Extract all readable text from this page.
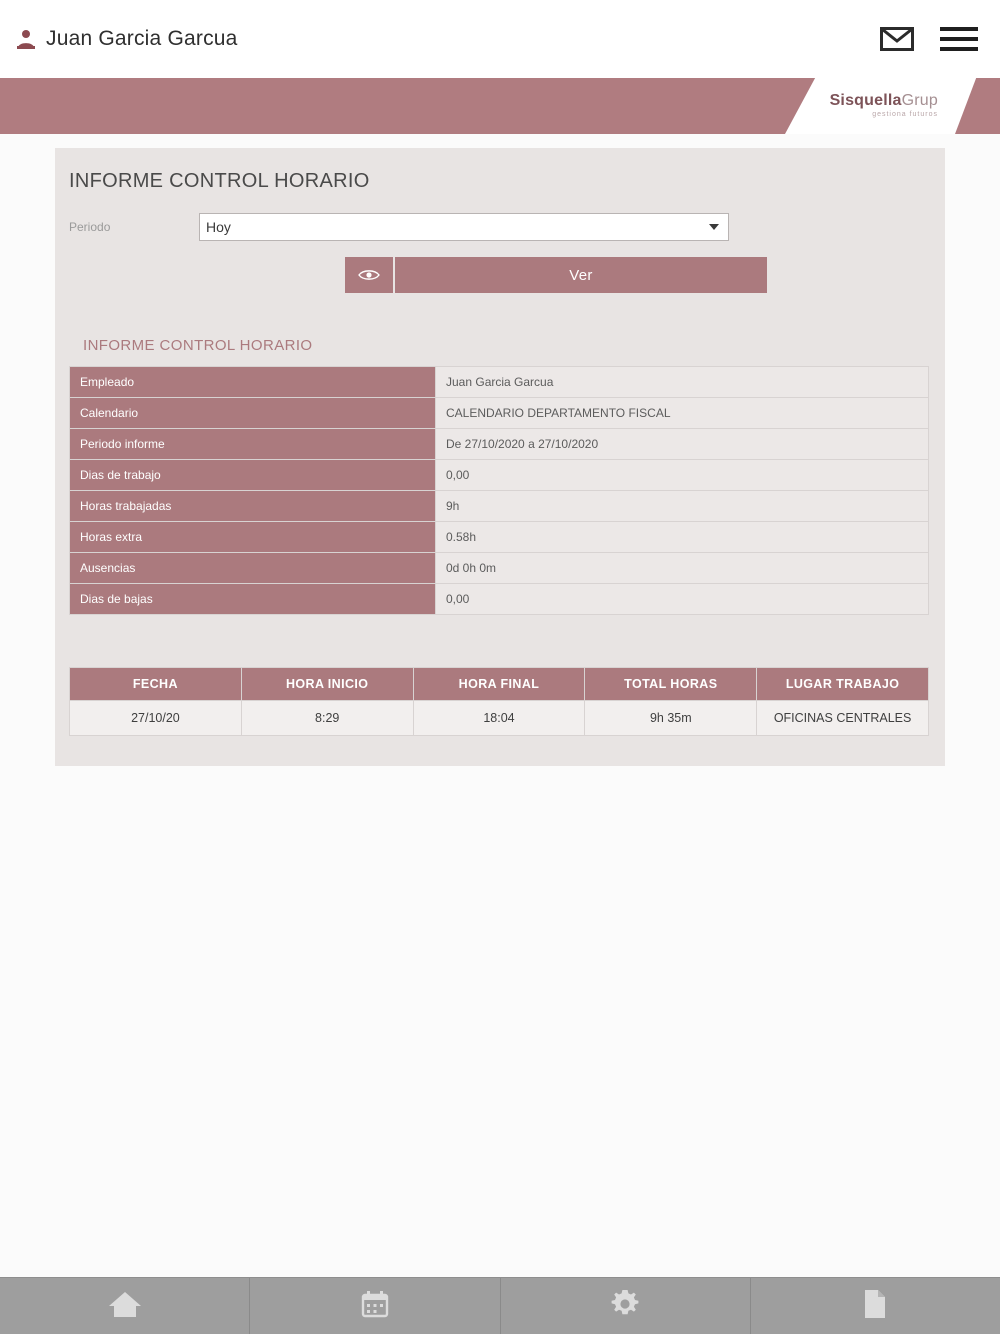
Juan Garcia Garcua
SisquellaGrup
gestiona futuros
INFORME CONTROL HORARIO
Periodo
Hoy
Ver
INFORME CONTROL HORARIO
Empleado	Juan Garcia Garcua
Calendario	CALENDARIO DEPARTAMENTO FISCAL
Periodo informe	De 27/10/2020 a 27/10/2020
Dias de trabajo	0,00
Horas trabajadas	9h
Horas extra	0.58h
Ausencias	0d 0h 0m
Dias de bajas	0,00
FECHA	HORA INICIO	HORA FINAL	TOTAL HORAS	LUGAR TRABAJO
27/10/20	8:29	18:04	9h 35m	OFICINAS CENTRALES
